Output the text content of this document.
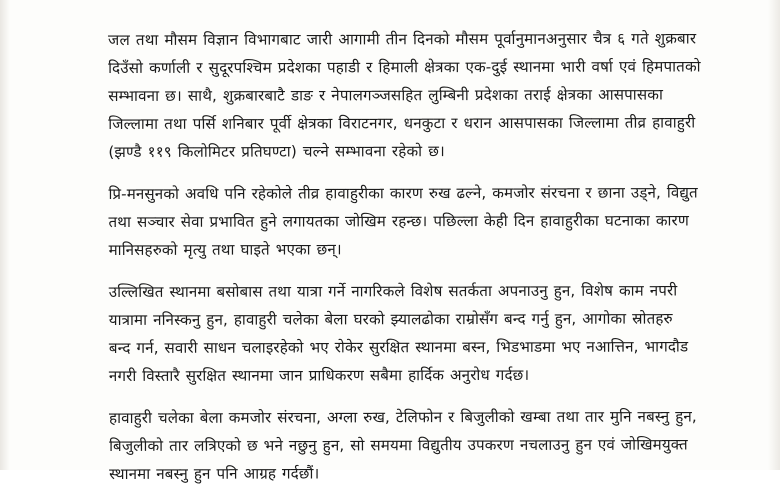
जल तथा मौसम विज्ञान विभागबाट जारी आगामी तीन दिनको मौसम पूर्वानुमानअनुसार चैत्र ६ गते शुक्रबार
दिउँसो कर्णाली र सुदूरपश्चिम प्रदेशका पहाडी र हिमाली क्षेत्रका एक-दुई स्थानमा भारी वर्षा एवं हिमपातको
सम्भावना छ। साथै, शुक्रबारबाटै डाङ र नेपालगञ्जसहित लुम्बिनी प्रदेशका तराई क्षेत्रका आसपासका
जिल्लामा तथा पर्सि शनिबार पूर्वी क्षेत्रका विराटनगर, धनकुटा र धरान आसपासका जिल्लामा तीव्र हावाहुरी
(झण्डै ११९ किलोमिटर प्रतिघण्टा) चल्ने सम्भावना रहेको छ।

प्रि-मनसुनको अवधि पनि रहेकोले तीव्र हावाहुरीका कारण रुख ढल्ने, कमजोर संरचना र छाना उड्ने, विद्युत
तथा सञ्चार सेवा प्रभावित हुने लगायतका जोखिम रहन्छ। पछिल्ला केही दिन हावाहुरीका घटनाका कारण
मानिसहरुको मृत्यु तथा घाइते भएका छन्।

उल्लिखित स्थानमा बसोबास तथा यात्रा गर्ने नागरिकले विशेष सतर्कता अपनाउनु हुन, विशेष काम नपरी
यात्रामा ननिस्कनु हुन, हावाहुरी चलेका बेला घरको झ्यालढोका राम्रोसँग बन्द गर्नु हुन, आगोका स्रोतहरु
बन्द गर्न, सवारी साधन चलाइरहेको भए रोकेर सुरक्षित स्थानमा बस्न, भिडभाडमा भए नआत्तिन, भागदौड
नगरी विस्तारै सुरक्षित स्थानमा जान प्राधिकरण सबैमा हार्दिक अनुरोध गर्दछ।

हावाहुरी चलेका बेला कमजोर संरचना, अग्ला रुख, टेलिफोन र बिजुलीको खम्बा तथा तार मुनि नबस्नु हुन,
बिजुलीको तार लत्रिएको छ भने नछुनु हुन, सो समयमा विद्युतीय उपकरण नचलाउनु हुन एवं जोखिमयुक्त
स्थानमा नबस्नु हुन पनि आग्रह गर्दछौं।
